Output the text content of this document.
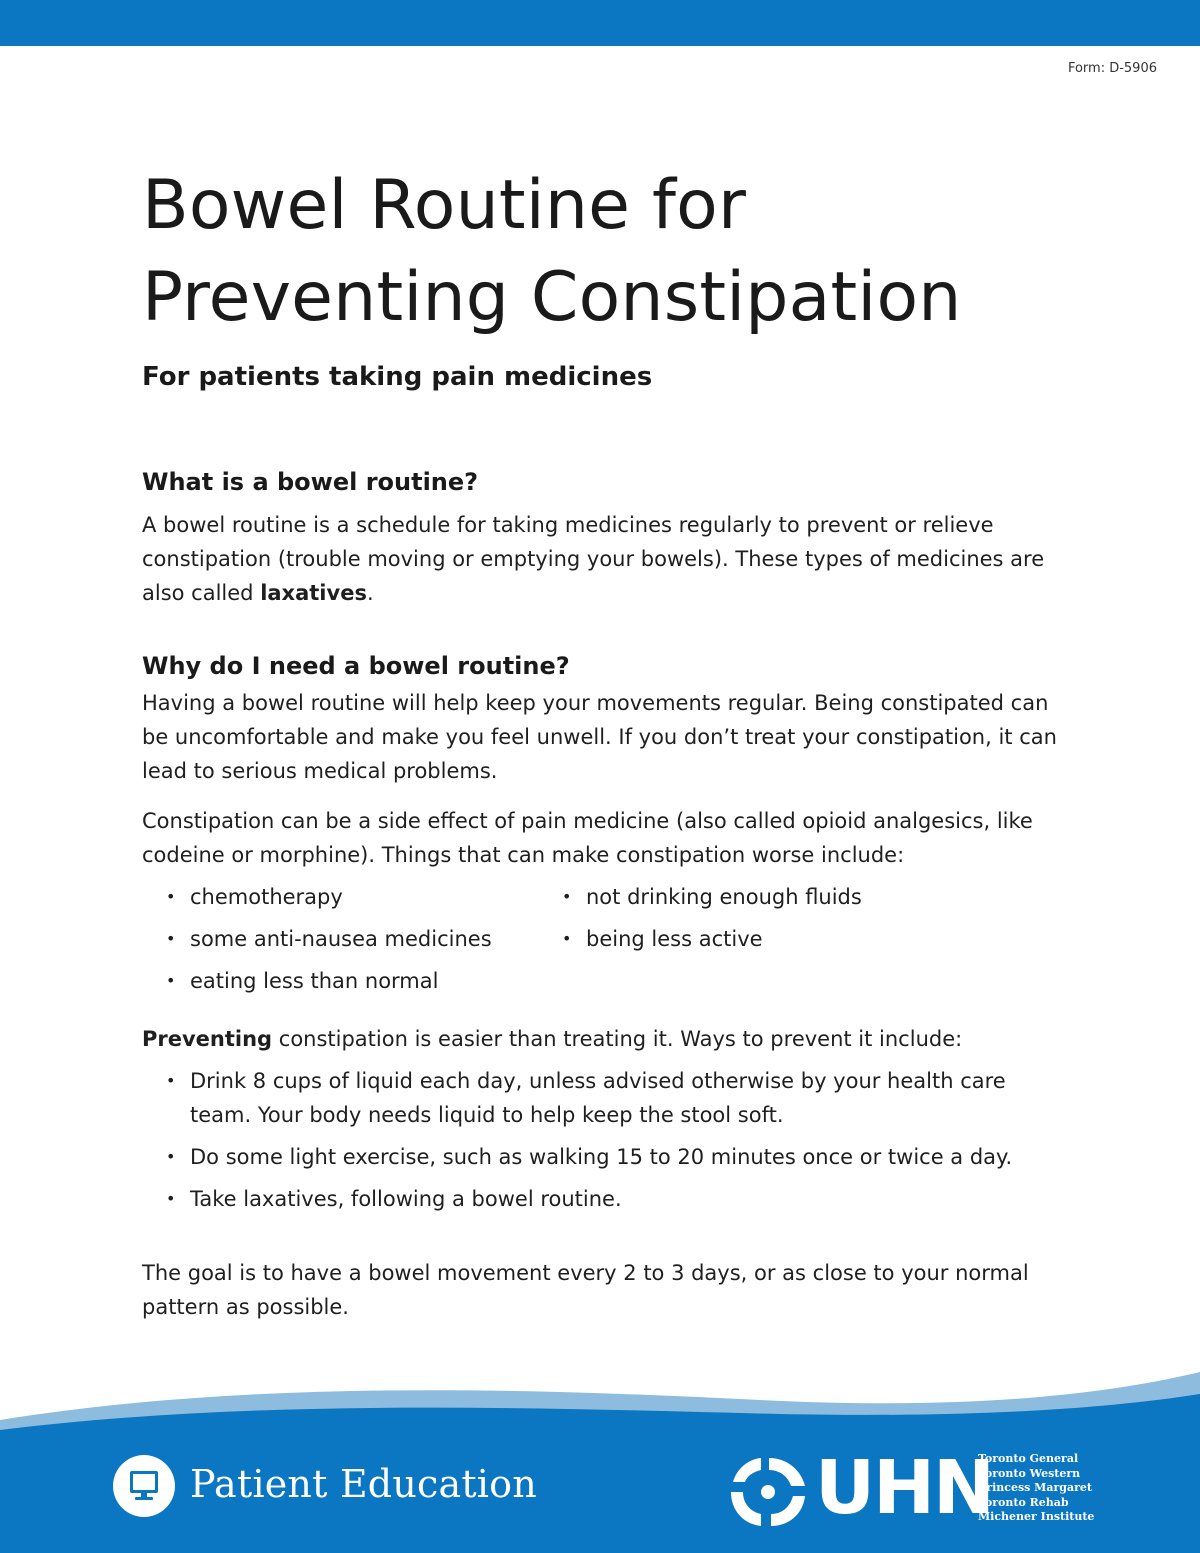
Form: D-5906
Bowel Routine for
Preventing Constipation
For patients taking pain medicines
What is a bowel routine?

A bowel routine is a schedule for taking medicines regularly to prevent or relieve constipation (trouble moving or emptying your bowels). These types of medicines are also called laxatives.

Why do I need a bowel routine?

Having a bowel routine will help keep your movements regular. Being constipated can be uncomfortable and make you feel unwell. If you don’t treat your constipation, it can lead to serious medical problems.

Constipation can be a side effect of pain medicine (also called opioid analgesics, like codeine or morphine). Things that can make constipation worse include:

• chemotherapy
• some anti-nausea medicines
• eating less than normal
• not drinking enough fluids
• being less active

Preventing constipation is easier than treating it. Ways to prevent it include:

• Drink 8 cups of liquid each day, unless advised otherwise by your health care team. Your body needs liquid to help keep the stool soft.
• Do some light exercise, such as walking 15 to 20 minutes once or twice a day.
• Take laxatives, following a bowel routine.

The goal is to have a bowel movement every 2 to 3 days, or as close to your normal pattern as possible.

Patient Education	UHN
Toronto General
Toronto Western
Princess Margaret
Toronto Rehab
Michener Institute
